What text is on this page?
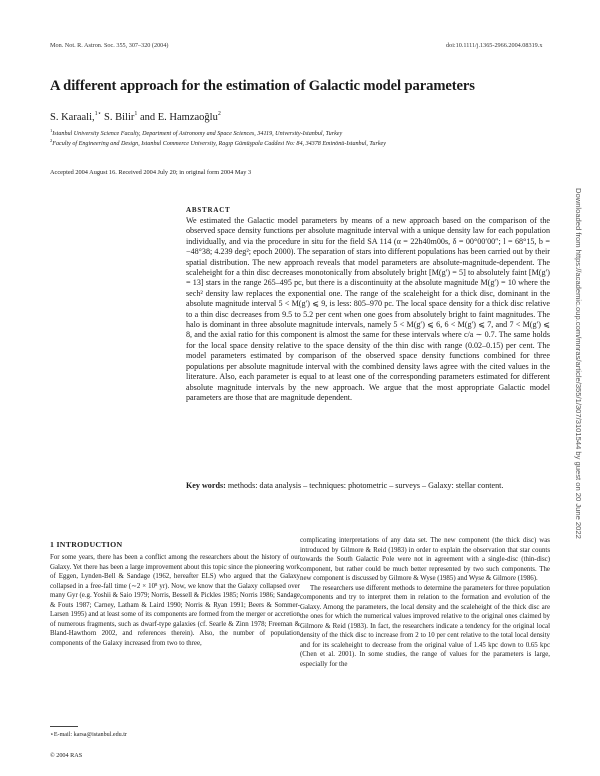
Mon. Not. R. Astron. Soc. 355, 307–320 (2004)	doi:10.1111/j.1365-2966.2004.08319.x
A different approach for the estimation of Galactic model parameters
S. Karaali,$^{1⋆}$ S. Bilir$^1$ and E. Hamzaoğlu$^2$
$^1$Istanbul University Science Faculty, Department of Astronomy and Space Sciences, 34119, University-Istanbul, Turkey
$^2$Faculty of Engineering and Design, Istanbul Commerce University, Ragıp Gümüşpala Caddesi No: 84, 34378 Eminönü-Istanbul, Turkey
Accepted 2004 August 16. Received 2004 July 20; in original form 2004 May 3
ABSTRACT

We estimated the Galactic model parameters by means of a new approach based on the comparison of the observed space density functions per absolute magnitude interval with a unique density law for each population individually, and via the procedure in situ for the field SA 114 (α = 22h40m00s, δ = 00°00′00″; l = 68°15, b = −48°38; 4.239 deg²; epoch 2000). The separation of stars into different populations has been carried out by their spatial distribution. The new approach reveals that model parameters are absolute-magnitude-dependent. The scaleheight for a thin disc decreases monotonically from absolutely bright [M(g′) = 5] to absolutely faint [M(g′) = 13] stars in the range 265–495 pc, but there is a discontinuity at the absolute magnitude M(g′) = 10 where the sech² density law replaces the exponential one. The range of the scaleheight for a thick disc, dominant in the absolute magnitude interval 5 < M(g′) ⩽ 9, is less: 805–970 pc. The local space density for a thick disc relative to a thin disc decreases from 9.5 to 5.2 per cent when one goes from absolutely bright to faint magnitudes. The halo is dominant in three absolute magnitude intervals, namely 5 < M(g′) ⩽ 6, 6 < M(g′) ⩽ 7, and 7 < M(g′) ⩽ 8, and the axial ratio for this component is almost the same for these intervals where c/a ∼ 0.7. The same holds for the local space density relative to the space density of the thin disc with range (0.02–0.15) per cent. The model parameters estimated by comparison of the observed space density functions combined for three populations per absolute magnitude interval with the combined density laws agree with the cited values in the literature. Also, each parameter is equal to at least one of the corresponding parameters estimated for different absolute magnitude intervals by the new approach. We argue that the most appropriate Galactic model parameters are those that are magnitude dependent.

Key words: methods: data analysis – techniques: photometric – surveys – Galaxy: stellar content.

1 INTRODUCTION

For some years, there has been a conflict among the researchers about the history of our Galaxy. Yet there has been a large improvement about this topic since the pioneering work of Eggen, Lynden-Bell & Sandage (1962, hereafter ELS) who argued that the Galaxy collapsed in a free-fall time (∼2 × 10⁸ yr). Now, we know that the Galaxy collapsed over many Gyr (e.g. Yoshii & Saio 1979; Norris, Bessell & Pickles 1985; Norris 1986; Sandage & Fouts 1987; Carney, Latham & Laird 1990; Norris & Ryan 1991; Beers & Sommer-Larsen 1995) and at least some of its components are formed from the merger or accretion of numerous fragments, such as dwarf-type galaxies (cf. Searle & Zinn 1978; Freeman & Bland-Hawthorn 2002, and references therein). Also, the number of population components of the Galaxy increased from two to three,

complicating interpretations of any data set. The new component (the thick disc) was introduced by Gilmore & Reid (1983) in order to explain the observation that star counts towards the South Galactic Pole were not in agreement with a single-disc (thin-disc) component, but rather could be much better represented by two such components. The new component is discussed by Gilmore & Wyse (1985) and Wyse & Gilmore (1986).

The researchers use different methods to determine the parameters for three population components and try to interpret them in relation to the formation and evolution of the Galaxy. Among the parameters, the local density and the scaleheight of the thick disc are the ones for which the numerical values improved relative to the original ones claimed by Gilmore & Reid (1983). In fact, the researchers indicate a tendency for the original local density of the thick disc to increase from 2 to 10 per cent relative to the total local density and for its scaleheight to decrease from the original value of 1.45 kpc down to 0.65 kpc (Chen et al. 2001). In some studies, the range of values for the parameters is large, especially for the

⋆E-mail: karsa@istanbul.edu.tr
© 2004 RAS
Downloaded from https://academic.oup.com/mnras/article/355/1/307/3101544 by guest on 20 June 2022
